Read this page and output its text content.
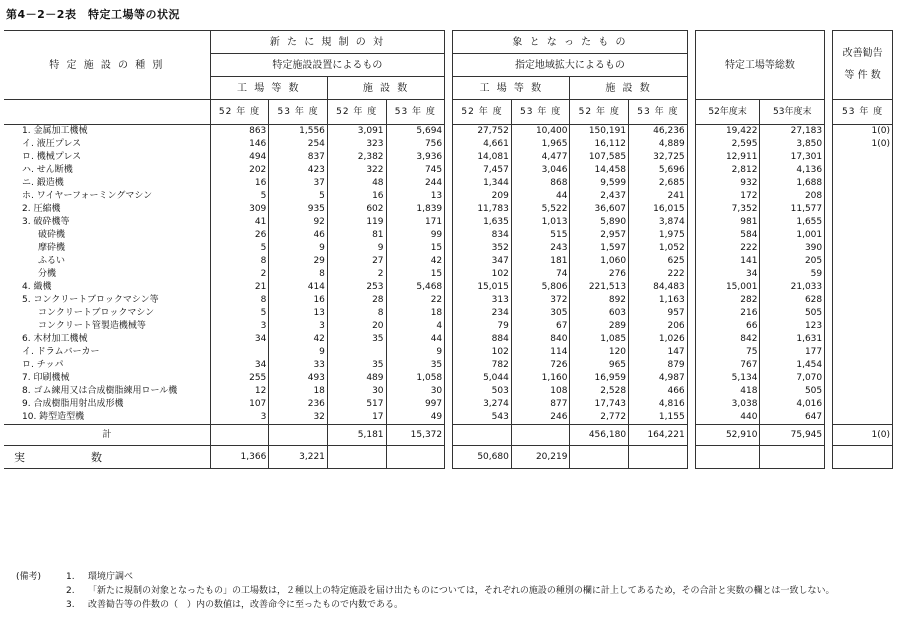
第4－2－2表　特定工場等の状況
特 定 施 設 の 種 別	新 た に 規 制 の 対					象 と な っ た も の					特定工場等総数			改善勧告
等 件 数
	特定施設設置によるもの					指定地域拡大によるもの								
	工 場 等 数		施 設 数			工 場 等 数		施 設 数						
	52 年 度	53 年 度	52 年 度	53 年 度		52 年 度	53 年 度	52 年 度	53 年 度		52年度末	53年度末		53 年 度
1. 金属加工機械	863	1,556	3,091	5,694		27,752	10,400	150,191	46,236		19,422	27,183		1(0)
イ. 液圧プレス	146	254	323	756		4,661	1,965	16,112	4,889		2,595	3,850		1(0)
ロ. 機械プレス	494	837	2,382	3,936		14,081	4,477	107,585	32,725		12,911	17,301		
ハ. せん断機	202	423	322	745		7,457	3,046	14,458	5,696		2,812	4,136		
ニ. 鍛造機	16	37	48	244		1,344	868	9,599	2,685		932	1,688		
ホ. ワイヤーフォーミングマシン	5	5	16	13		209	44	2,437	241		172	208		
2. 圧縮機	309	935	602	1,839		11,783	5,522	36,607	16,015		7,352	11,577		
3. 破砕機等	41	92	119	171		1,635	1,013	5,890	3,874		981	1,655		
破砕機	26	46	81	99		834	515	2,957	1,975		584	1,001		
摩砕機	5	9	9	15		352	243	1,597	1,052		222	390		
ふるい	8	29	27	42		347	181	1,060	625		141	205		
分機	2	8	2	15		102	74	276	222		34	59		
4. 織機	21	414	253	5,468		15,015	5,806	221,513	84,483		15,001	21,033		
5. コンクリートブロックマシン等	8	16	28	22		313	372	892	1,163		282	628		
コンクリートブロックマシン	5	13	8	18		234	305	603	957		216	505		
コンクリート管製造機械等	3	3	20	4		79	67	289	206		66	123		
6. 木材加工機械	34	42	35	44		884	840	1,085	1,026		842	1,631		
イ. ドラムバーカー		9		9		102	114	120	147		75	177		
ロ. チッパ	34	33	35	35		782	726	965	879		767	1,454		
7. 印刷機械	255	493	489	1,058		5,044	1,160	16,959	4,987		5,134	7,070		
8. ゴム練用又は合成樹脂練用ロール機	12	18	30	30		503	108	2,528	466		418	505		
9. 合成樹脂用射出成形機	107	236	517	997		3,274	877	17,743	4,816		3,038	4,016		
10. 鋳型造型機	3	32	17	49		543	246	2,772	1,155		440	647		
計			5,181	15,372				456,180	164,221		52,910	75,945		1(0)
実　　　　　　数	1,366	3,221				50,680	20,219							
(備考)	1.	環境庁調べ
2.	「新たに規制の対象となったもの」の工場数は，２種以上の特定施設を届け出たものについては，それぞれの施設の種別の欄に計上してあるため，その合計と実数の欄とは一致しない。
3.	改善勧告等の件数の（　）内の数値は，改善命令に至ったもので内数である。
